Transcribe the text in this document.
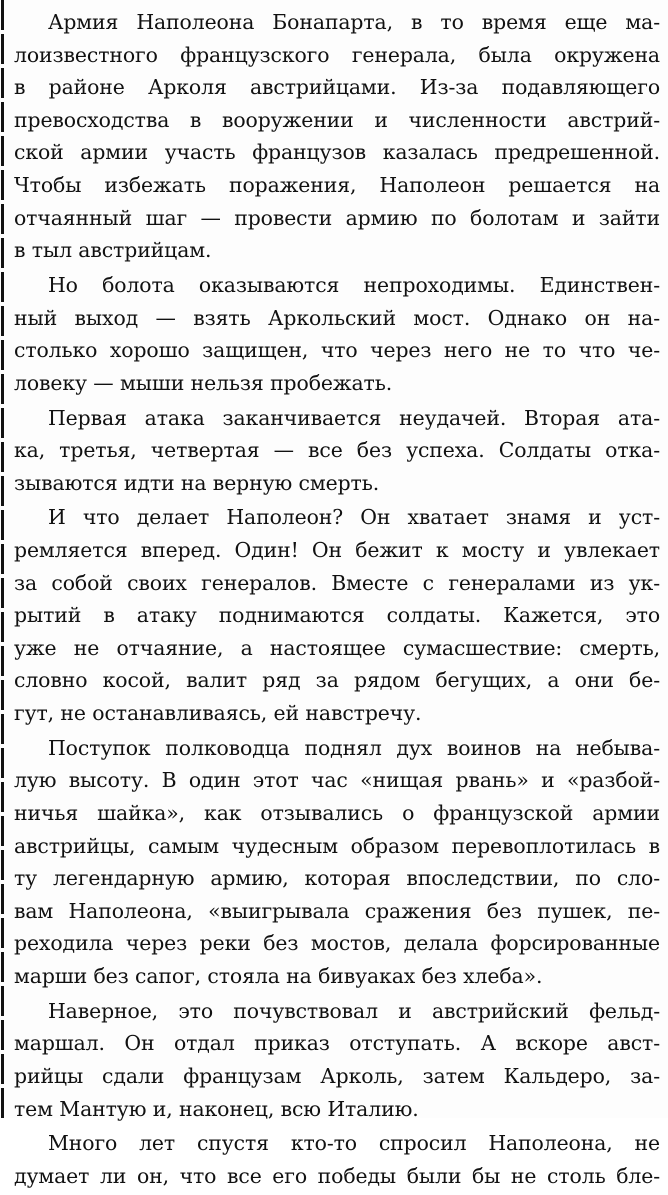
Армия Наполеона Бонапарта, в то время еще ма-
лоизвестного французского генерала, была окружена
в районе Арколя австрийцами. Из-за подавляющего
превосходства в вооружении и численности австрий-
ской армии участь французов казалась предрешенной.
Чтобы избежать поражения, Наполеон решается на
отчаянный шаг — провести армию по болотам и зайти
в тыл австрийцам.
Но болота оказываются непроходимы. Единствен-
ный выход — взять Аркольский мост. Однако он на-
столько хорошо защищен, что через него не то что че-
ловеку — мыши нельзя пробежать.
Первая атака заканчивается неудачей. Вторая ата-
ка, третья, четвертая — все без успеха. Солдаты отка-
зываются идти на верную смерть.
И что делает Наполеон? Он хватает знамя и уст-
ремляется вперед. Один! Он бежит к мосту и увлекает
за собой своих генералов. Вместе с генералами из ук-
рытий в атаку поднимаются солдаты. Кажется, это
уже не отчаяние, а настоящее сумасшествие: смерть,
словно косой, валит ряд за рядом бегущих, а они бе-
гут, не останавливаясь, ей навстречу.
Поступок полководца поднял дух воинов на небыва-
лую высоту. В один этот час «нищая рвань» и «разбой-
ничья шайка», как отзывались о французской армии
австрийцы, самым чудесным образом перевоплотилась в
ту легендарную армию, которая впоследствии, по сло-
вам Наполеона, «выигрывала сражения без пушек, пе-
реходила через реки без мостов, делала форсированные
марши без сапог, стояла на бивуаках без хлеба».
Наверное, это почувствовал и австрийский фельд-
маршал. Он отдал приказ отступать. А вскоре авст-
рийцы сдали французам Арколь, затем Кальдеро, за-
тем Мантую и, наконец, всю Италию.
Много лет спустя кто-то спросил Наполеона, не
думает ли он, что все его победы были бы не столь бле-
